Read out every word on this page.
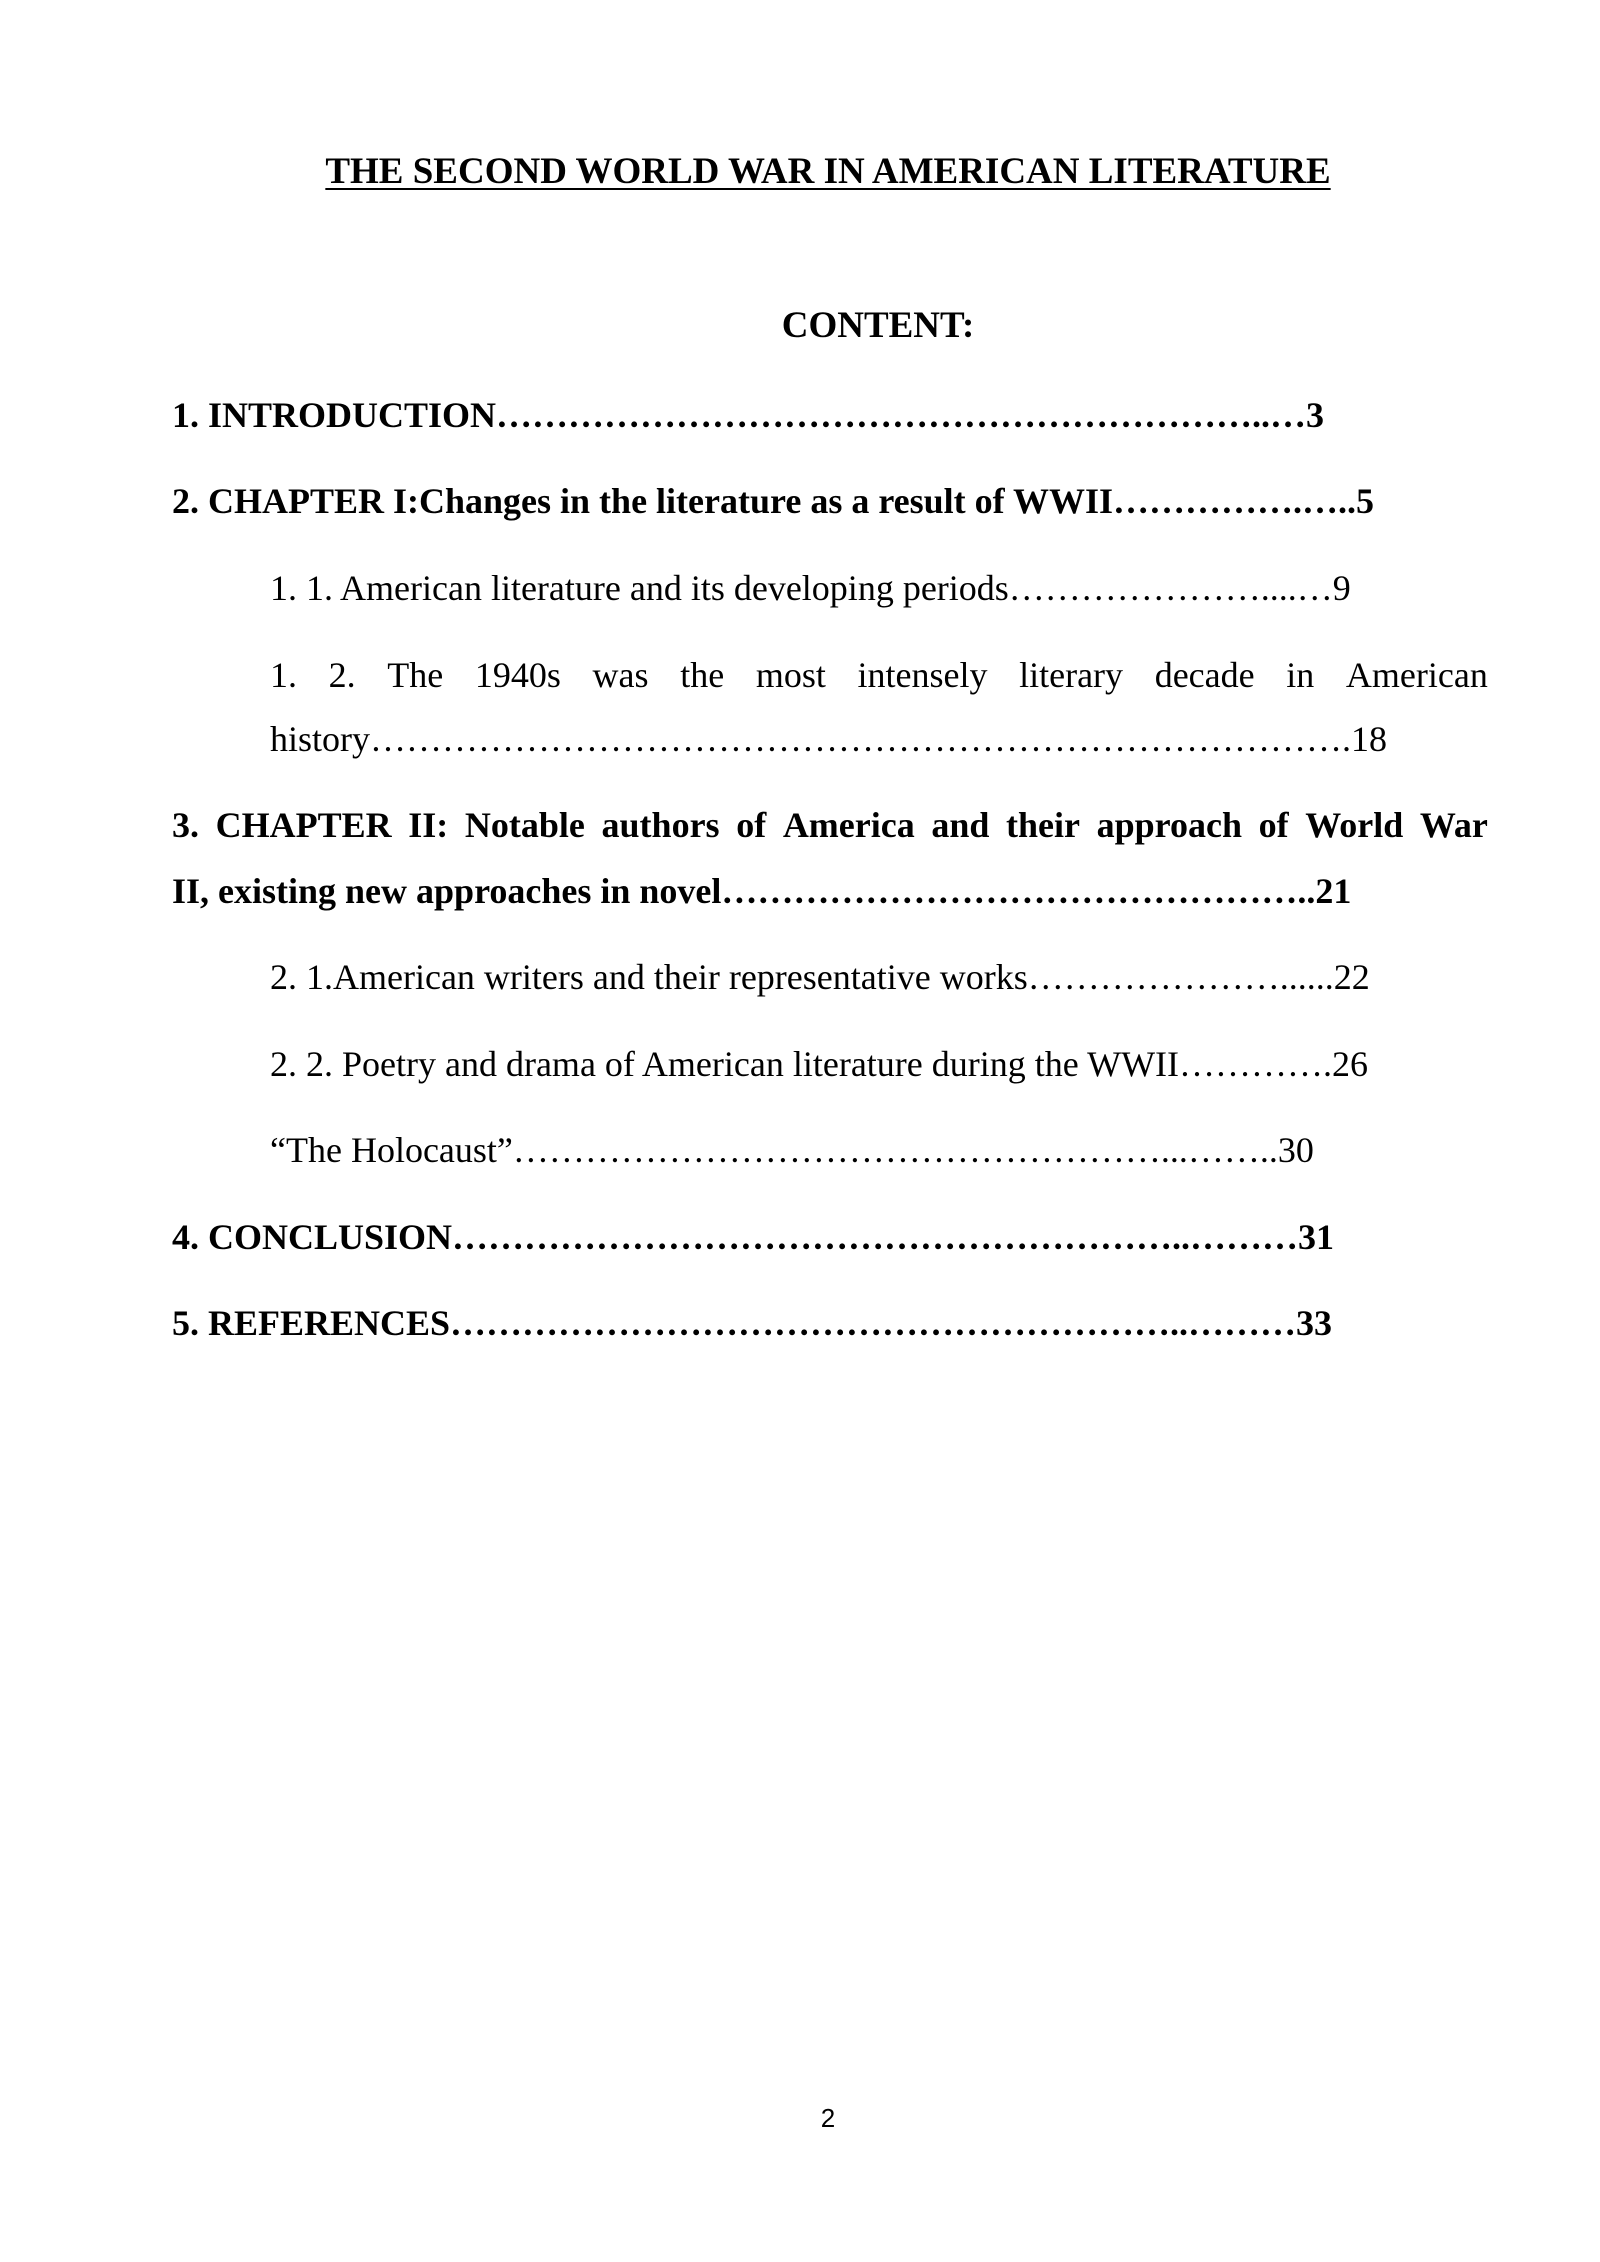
THE SECOND WORLD WAR IN AMERICAN LITERATURE
CONTENT:
1. INTRODUCTION………………………………………………………..…3
2. CHAPTER I:Changes in the literature as a result of WWII…………….…..5
1. 1. American literature and its developing periods…………………....…9
1. 2. The 1940s was the most intensely literary decade in American
history……………………………………………………………………….18
3. CHAPTER II: Notable authors of America and their approach of World War
II, existing new approaches in novel…………………………………………..21
2. 1.American writers and their representative works…………………......22
2. 2. Poetry and drama of American literature during the WWII………….26
“The Holocaust”………………………………………………...……..30
4. CONCLUSION……………………………………………………..………31
5. REFERENCES……………………………………………………..………33
2
